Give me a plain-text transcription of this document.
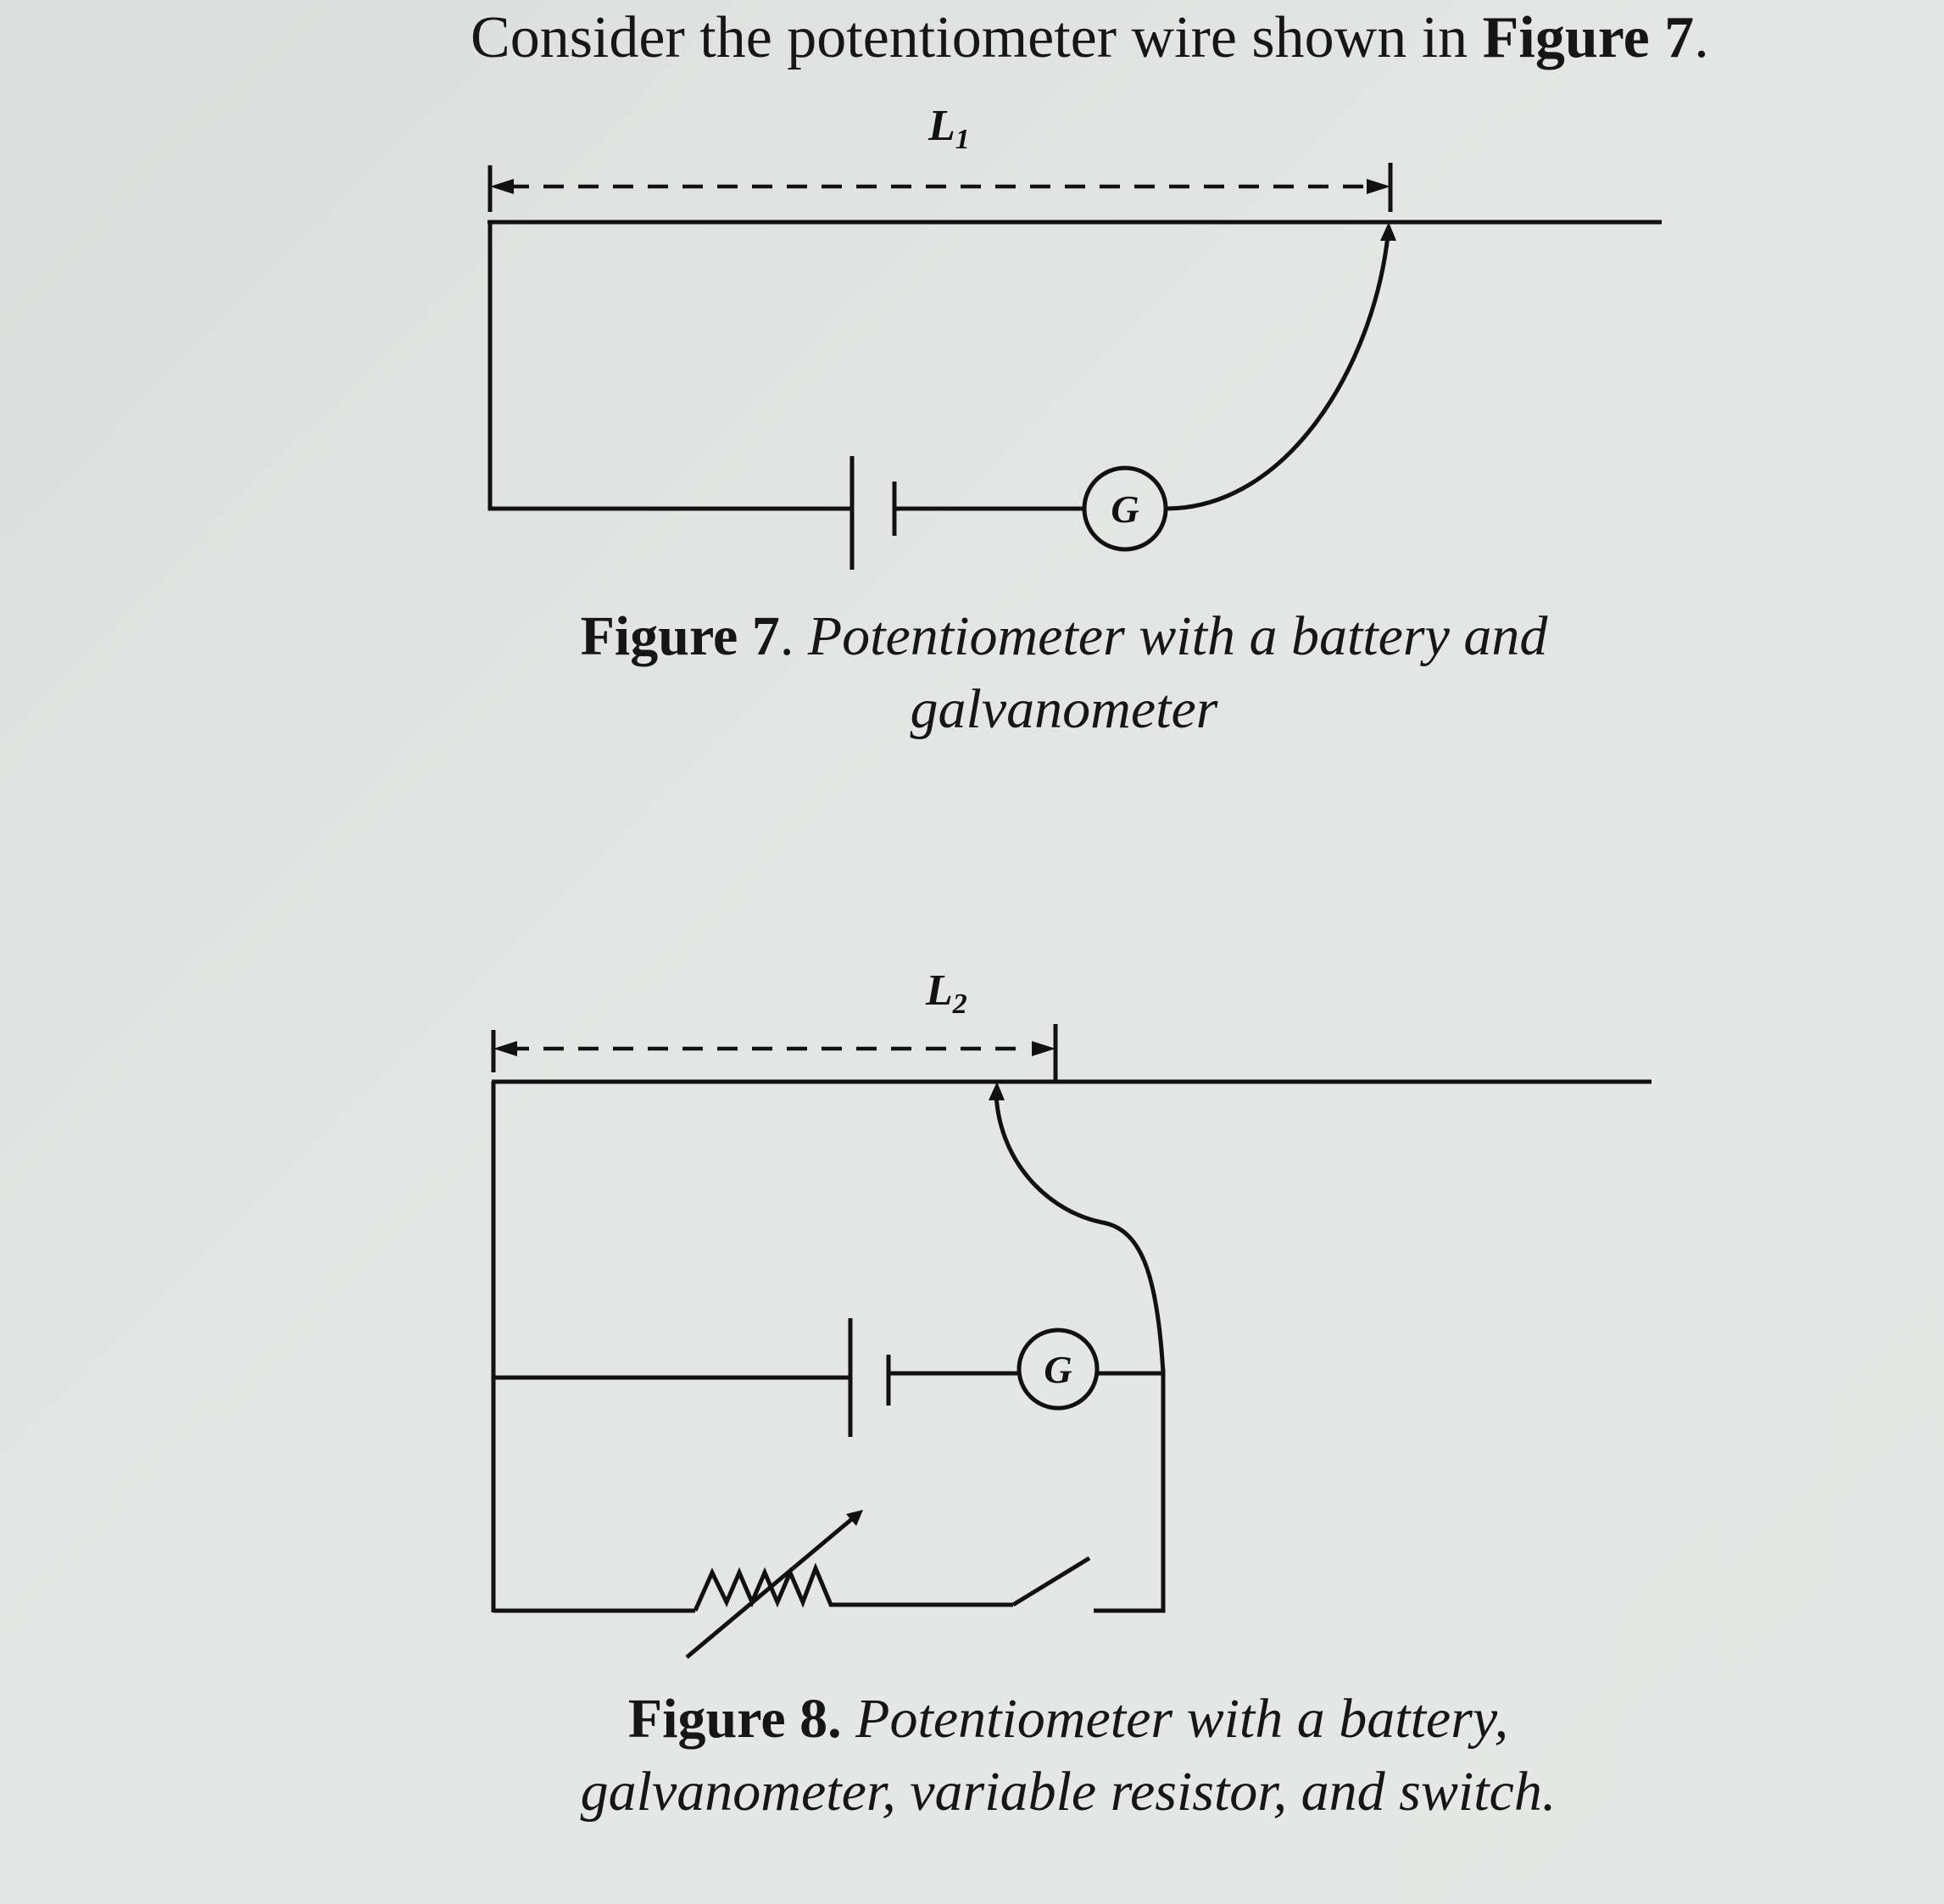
Consider the potentiometer wire shown in Figure 7.
L1
G
Figure 7. Potentiometer with a battery and
galvanometer
L2
G
Figure 8. Potentiometer with a battery,
galvanometer, variable resistor, and switch.
